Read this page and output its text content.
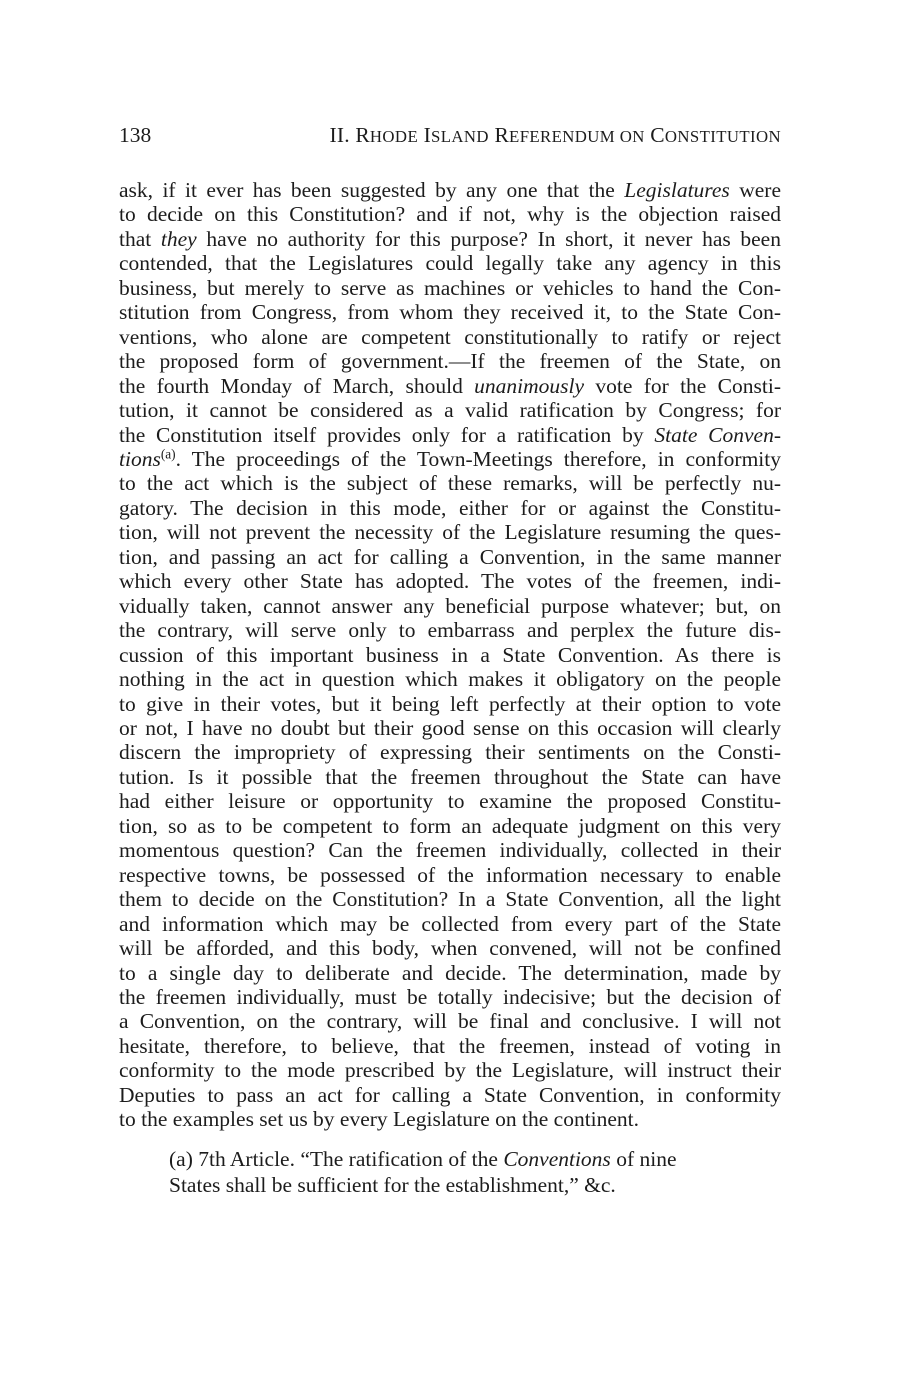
138	II. RHODE ISLAND REFERENDUM ON CONSTITUTION
ask, if it ever has been suggested by any one that the Legislatures were
to decide on this Constitution? and if not, why is the objection raised
that they have no authority for this purpose? In short, it never has been
contended, that the Legislatures could legally take any agency in this
business, but merely to serve as machines or vehicles to hand the Con-
stitution from Congress, from whom they received it, to the State Con-
ventions, who alone are competent constitutionally to ratify or reject
the proposed form of government.—If the freemen of the State, on
the fourth Monday of March, should unanimously vote for the Consti-
tution, it cannot be considered as a valid ratification by Congress; for
the Constitution itself provides only for a ratification by State Conven-
tions$^{(a)}$. The proceedings of the Town-Meetings therefore, in conformity
to the act which is the subject of these remarks, will be perfectly nu-
gatory. The decision in this mode, either for or against the Constitu-
tion, will not prevent the necessity of the Legislature resuming the ques-
tion, and passing an act for calling a Convention, in the same manner
which every other State has adopted. The votes of the freemen, indi-
vidually taken, cannot answer any beneficial purpose whatever; but, on
the contrary, will serve only to embarrass and perplex the future dis-
cussion of this important business in a State Convention. As there is
nothing in the act in question which makes it obligatory on the people
to give in their votes, but it being left perfectly at their option to vote
or not, I have no doubt but their good sense on this occasion will clearly
discern the impropriety of expressing their sentiments on the Consti-
tution. Is it possible that the freemen throughout the State can have
had either leisure or opportunity to examine the proposed Constitu-
tion, so as to be competent to form an adequate judgment on this very
momentous question? Can the freemen individually, collected in their
respective towns, be possessed of the information necessary to enable
them to decide on the Constitution? In a State Convention, all the light
and information which may be collected from every part of the State
will be afforded, and this body, when convened, will not be confined
to a single day to deliberate and decide. The determination, made by
the freemen individually, must be totally indecisive; but the decision of
a Convention, on the contrary, will be final and conclusive. I will not
hesitate, therefore, to believe, that the freemen, instead of voting in
conformity to the mode prescribed by the Legislature, will instruct their
Deputies to pass an act for calling a State Convention, in conformity
to the examples set us by every Legislature on the continent.
(a) 7th Article. “The ratification of the Conventions of nine
States shall be sufficient for the establishment,” &c.
